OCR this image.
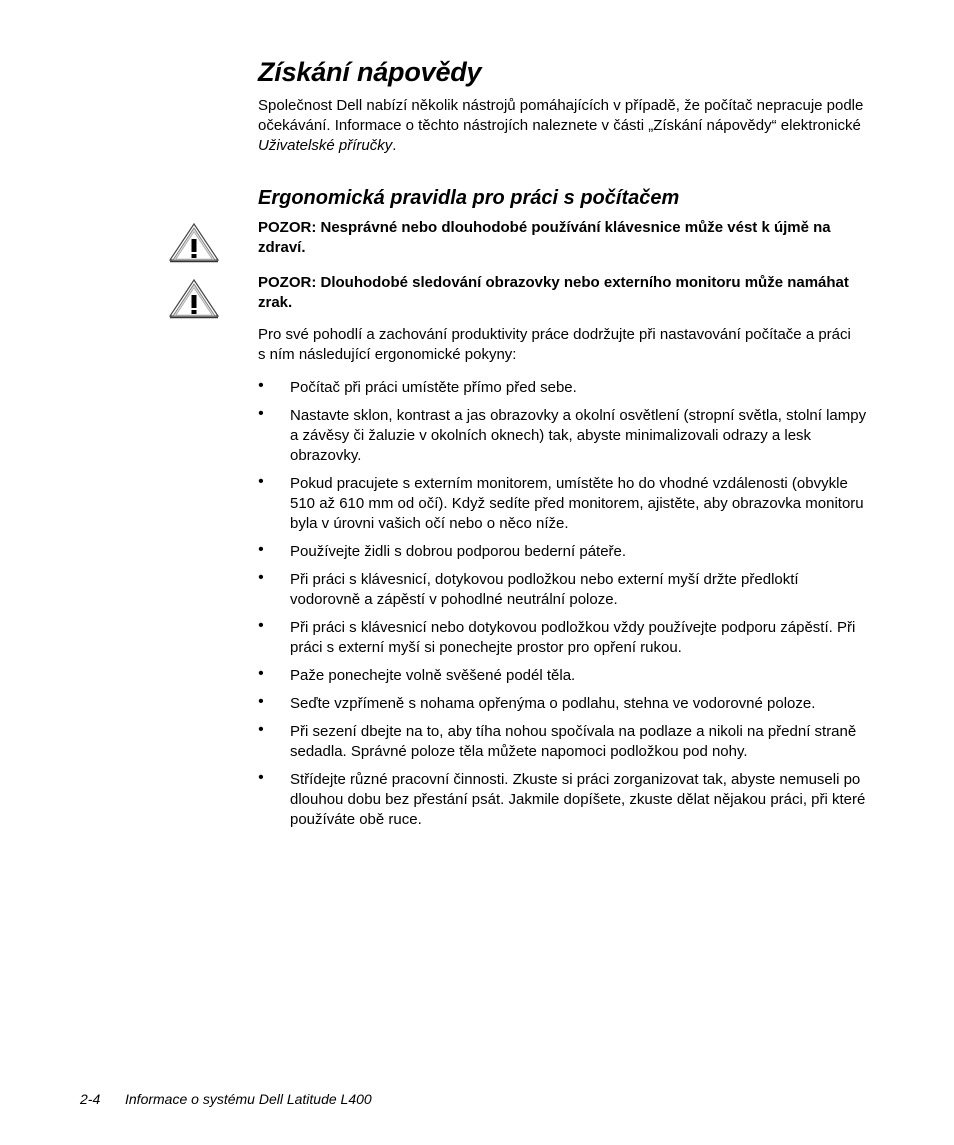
Získání nápovědy

Společnost Dell nabízí několik nástrojů pomáhajících v případě, že počítač nepracuje podle očekávání. Informace o těchto nástrojích naleznete v části „Získání nápovědy“ elektronické Uživatelské příručky.

Ergonomická pravidla pro práci s počítačem

POZOR: Nesprávné nebo dlouhodobé používání klávesnice může vést k újmě na zdraví.

POZOR: Dlouhodobé sledování obrazovky nebo externího monitoru může namáhat zrak.

Pro své pohodlí a zachování produktivity práce dodržujte při nastavování počítače a práci s ním následující ergonomické pokyny:

• Počítač při práci umístěte přímo před sebe.
• Nastavte sklon, kontrast a jas obrazovky a okolní osvětlení (stropní světla, stolní lampy a závěsy či žaluzie v okolních oknech) tak, abyste minimalizovali odrazy a lesk obrazovky.
• Pokud pracujete s externím monitorem, umístěte ho do vhodné vzdálenosti (obvykle 510 až 610 mm od očí). Když sedíte před monitorem, ajistěte, aby obrazovka monitoru byla v úrovni vašich očí nebo o něco níže.
• Používejte židli s dobrou podporou bederní páteře.
• Při práci s klávesnicí, dotykovou podložkou nebo externí myší držte předloktí vodorovně a zápěstí v pohodlné neutrální poloze.
• Při práci s klávesnicí nebo dotykovou podložkou vždy používejte podporu zápěstí. Při práci s externí myší si ponechejte prostor pro opření rukou.
• Paže ponechejte volně svěšené podél těla.
• Seďte vzpřímeně s nohama opřenýma o podlahu, stehna ve vodorovné poloze.
• Při sezení dbejte na to, aby tíha nohou spočívala na podlaze a nikoli na přední straně sedadla. Správné poloze těla můžete napomoci podložkou pod nohy.
• Střídejte různé pracovní činnosti. Zkuste si práci zorganizovat tak, abyste nemuseli po dlouhou dobu bez přestání psát. Jakmile dopíšete, zkuste dělat nějakou práci, při které používáte obě ruce.

2-4 Informace o systému Dell Latitude L400
